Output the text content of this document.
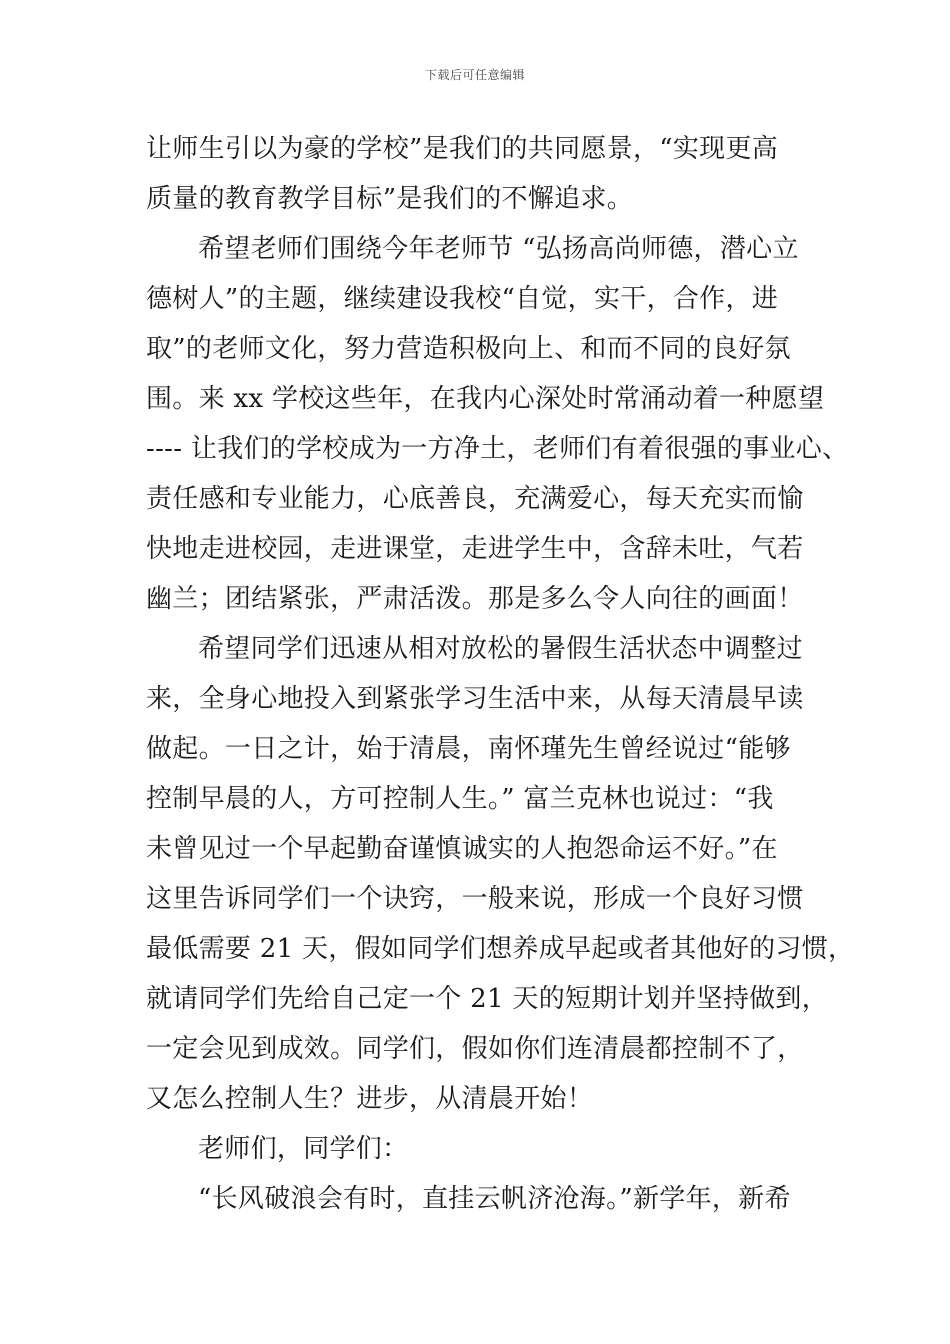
下载后可任意编辑
让师生引以为豪的学校”是我们的共同愿景，“实现更高
质量的教育教学目标”是我们的不懈追求。
希望老师们围绕今年老师节 “弘扬高尚师德，潜心立
德树人”的主题，继续建设我校“自觉，实干，合作，进
取”的老师文化，努力营造积极向上、和而不同的良好氛
围。来 xx 学校这些年，在我内心深处时常涌动着一种愿望
---- 让我们的学校成为一方净土，老师们有着很强的事业心、
责任感和专业能力，心底善良，充满爱心，每天充实而愉
快地走进校园，走进课堂，走进学生中，含辞未吐，气若
幽兰；团结紧张，严肃活泼。那是多么令人向往的画面！
希望同学们迅速从相对放松的暑假生活状态中调整过
来，全身心地投入到紧张学习生活中来，从每天清晨早读
做起。一日之计，始于清晨，南怀瑾先生曾经说过“能够
控制早晨的人，方可控制人生。” 富兰克林也说过：“我
未曾见过一个早起勤奋谨慎诚实的人抱怨命运不好。”在
这里告诉同学们一个诀窍，一般来说，形成一个良好习惯
最低需要 21 天，假如同学们想养成早起或者其他好的习惯，
就请同学们先给自己定一个 21 天的短期计划并坚持做到，
一定会见到成效。同学们，假如你们连清晨都控制不了，
又怎么控制人生？进步，从清晨开始！
老师们，同学们：
“长风破浪会有时，直挂云帆济沧海。”新学年，新希
